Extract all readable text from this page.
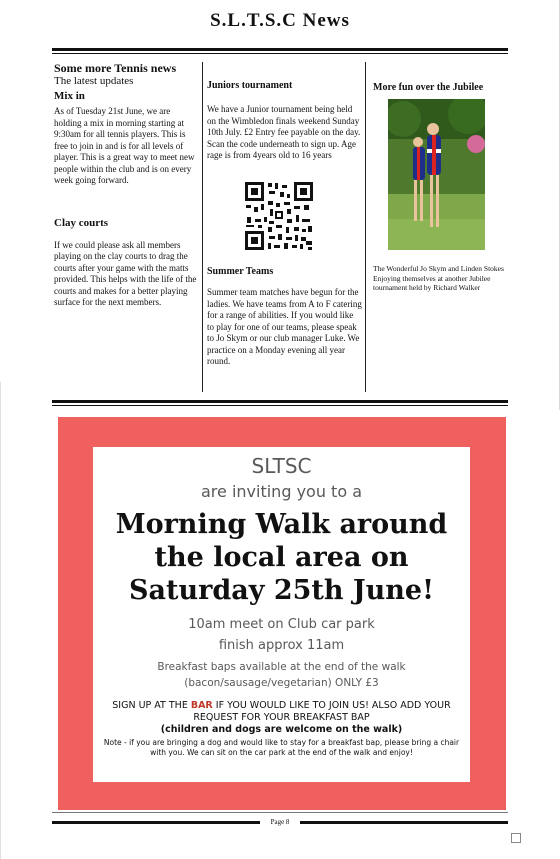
S.L.T.S.C News
Some more Tennis news
The latest updates
Mix in

As of Tuesday 21st June, we are holding a mix in morning starting at 9:30am for all tennis players. This is free to join in and is for all levels of player. This is a great way to meet new people within the club and is on every week going forward.

Clay courts

If we could please ask all members playing on the clay courts to drag the courts after your game with the matts provided. This helps with the life of the courts and makes for a better playing surface for the next members.

Juniors tournament

We have a Junior tournament being held on the Wimbledon finals weekend Sunday 10th July. £2 Entry fee payable on the day. Scan the code underneath to sign up. Age rage is from 4years old to 16 years

Summer Teams

Summer team matches have begun for the ladies. We have teams from A to F catering for a range of abilities. If you would like to play for one of our teams, please speak to Jo Skym or our club manager Luke. We practice on a Monday evening all year round.

More fun over the Jubilee

The Wonderful Jo Skym and Linden Stokes Enjoying themselves at another Jubilee tournament held by Richard Walker

SLTSC
are inviting you to a
Morning Walk around
the local area on
Saturday 25th June!
10am meet on Club car park
finish approx 11am
Breakfast baps available at the end of the walk
(bacon/sausage/vegetarian) ONLY £3
SIGN UP AT THE BAR IF YOU WOULD LIKE TO JOIN US! ALSO ADD YOUR REQUEST FOR YOUR BREAKFAST BAP
(children and dogs are welcome on the walk)
Note - if you are bringing a dog and would like to stay for a breakfast bap, please bring a chair with you. We can sit on the car park at the end of the walk and enjoy!
Page 8
